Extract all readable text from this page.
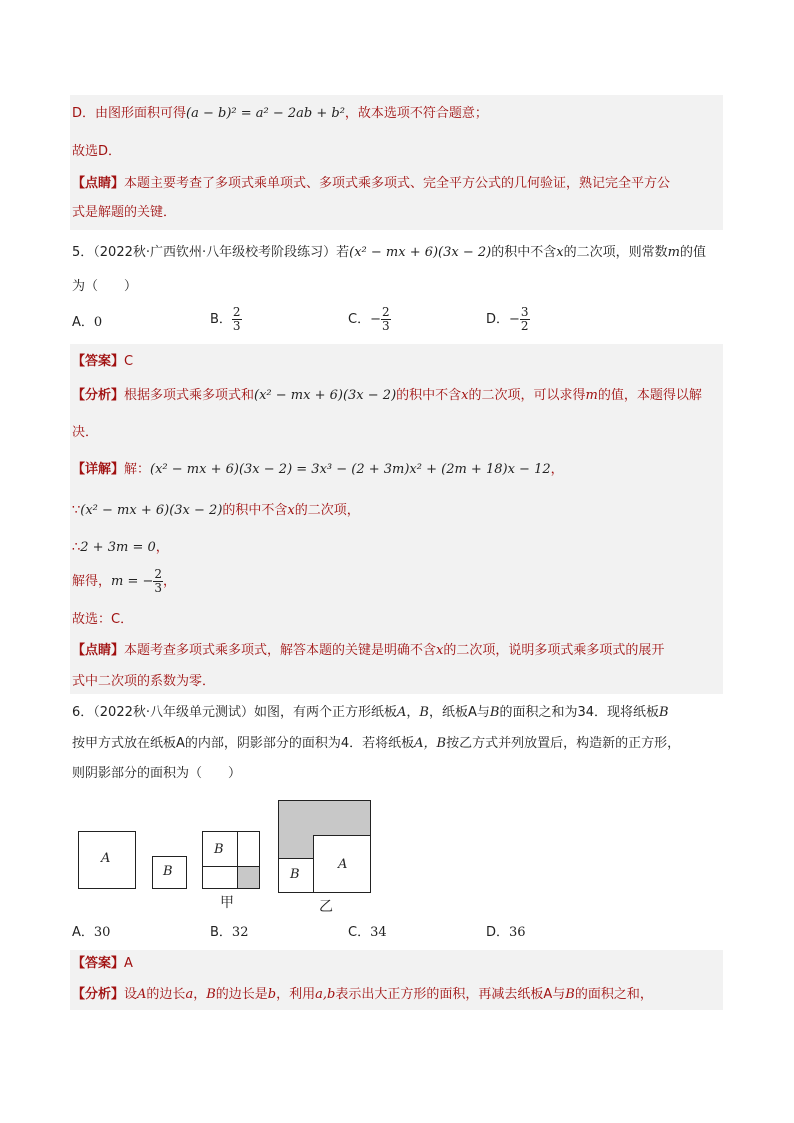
D．由图形面积可得(a − b)² = a² − 2ab + b²，故本选项不符合题意；
故选D．
【点睛】本题主要考查了多项式乘单项式、多项式乘多项式、完全平方公式的几何验证，熟记完全平方公
式是解题的关键．
5．（2022秋·广西钦州·八年级校考阶段练习）若(x² − mx + 6)(3x − 2)的积中不含x的二次项，则常数m的值
为（　　）
A．0	B． $\frac{2}{3}$	C．− $\frac{2}{3}$	D．− $\frac{3}{2}$
【答案】C
【分析】根据多项式乘多项式和(x² − mx + 6)(3x − 2)的积中不含x的二次项，可以求得m的值，本题得以解
决．
【详解】解：(x² − mx + 6)(3x − 2) = 3x³ − (2 + 3m)x² + (2m + 18)x − 12，
∵(x² − mx + 6)(3x − 2)的积中不含x的二次项，
∴2 + 3m = 0，
解得，m = − $\frac{2}{3}$ ，
故选：C．
【点睛】本题考查多项式乘多项式，解答本题的关键是明确不含x的二次项，说明多项式乘多项式的展开
式中二次项的系数为零．
6．（2022秋·八年级单元测试）如图，有两个正方形纸板A，B，纸板A与B的面积之和为34．现将纸板B
按甲方式放在纸板A的内部，阴影部分的面积为4．若将纸板A，B按乙方式并列放置后，构造新的正方形，
则阴影部分的面积为（　　）
A
B
B
甲
B
A
乙
A．30	B．32	C．34	D．36
【答案】A
【分析】设A的边长a，B的边长是b，利用a,b表示出大正方形的面积，再减去纸板A与B的面积之和，
